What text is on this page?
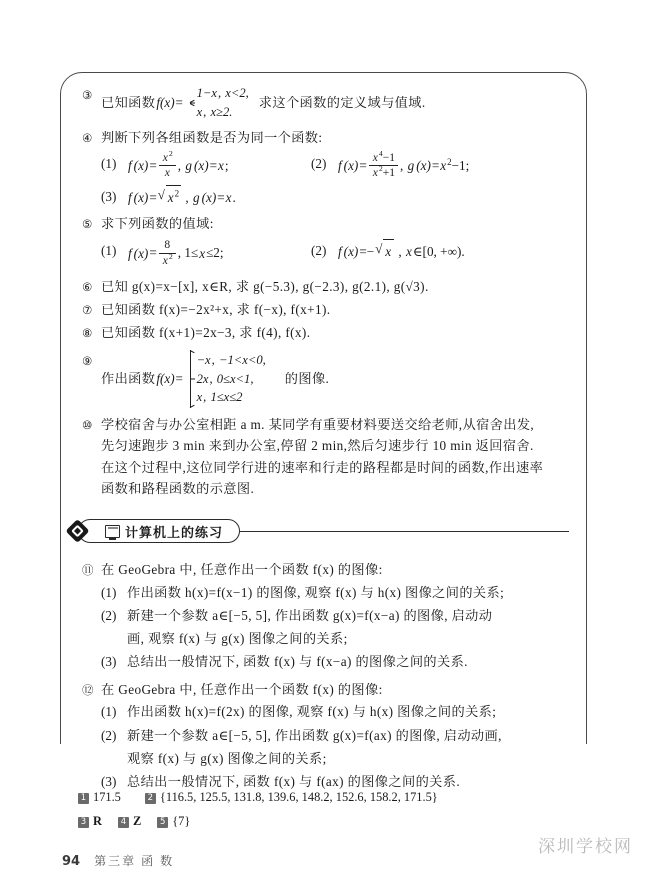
③ 已知函数 f(x)=
1−x, x<2,
x, x≥2.
求这个函数的定义域与值域.
④ 判断下列各组函数是否为同一个函数:
(1) f $(x)= \frac{x^2}{x}$ , g (x)=x;	(2) f $(x)= \frac{x^4-1}{x^2+1}$ , g $(x)=x^2-1$;
(3) f (x)= √ $x^2$ , g (x)=x.
⑤ 求下列函数的值域:
(1) f $(x)= \frac{8}{x^2}$ , 1≤x≤2;	(2) f (x)=− √ x , x∈[0, +∞).
⑥ 已知 g(x)=x−[x], x∈R, 求 g(−5.3), g(−2.3), g(2.1), g(√3).
⑦ 已知函数 f(x)=−2x²+x, 求 f(−x), f(x+1).
⑧ 已知函数 f(x+1)=2x−3, 求 f(4), f(x).
⑨
作出函数 f(x)=
−x, −1<x<0,
2x, 0≤x<1,
x, 1≤x≤2
的图像.
⑩ 学校宿舍与办公室相距 a m. 某同学有重要材料要送交给老师,从宿舍出发,
先匀速跑步 3 min 来到办公室,停留 2 min,然后匀速步行 10 min 返回宿舍.
在这个过程中,这位同学行进的速率和行走的路程都是时间的函数,作出速率
函数和路程函数的示意图.
计算机上的练习
⑪ 在 GeoGebra 中, 任意作出一个函数 f(x) 的图像:
(1) 作出函数 h(x)=f(x−1) 的图像, 观察 f(x) 与 h(x) 图像之间的关系;
(2) 新建一个参数 a∈[−5, 5], 作出函数 g(x)=f(x−a) 的图像, 启动动
画, 观察 f(x) 与 g(x) 图像之间的关系;
(3) 总结出一般情况下, 函数 f(x) 与 f(x−a) 的图像之间的关系.
⑫ 在 GeoGebra 中, 任意作出一个函数 f(x) 的图像:
(1) 作出函数 h(x)=f(2x) 的图像, 观察 f(x) 与 h(x) 图像之间的关系;
(2) 新建一个参数 a∈[−5, 5], 作出函数 g(x)=f(ax) 的图像, 启动动画,
观察 f(x) 与 g(x) 图像之间的关系;
(3) 总结出一般情况下, 函数 f(x) 与 f(ax) 的图像之间的关系.
1 171.5	2 {116.5, 125.5, 131.8, 139.6, 148.2, 152.6, 158.2, 171.5}
3 R 4 Z 5 {7}
94 第三章 函 数
深圳学校网
